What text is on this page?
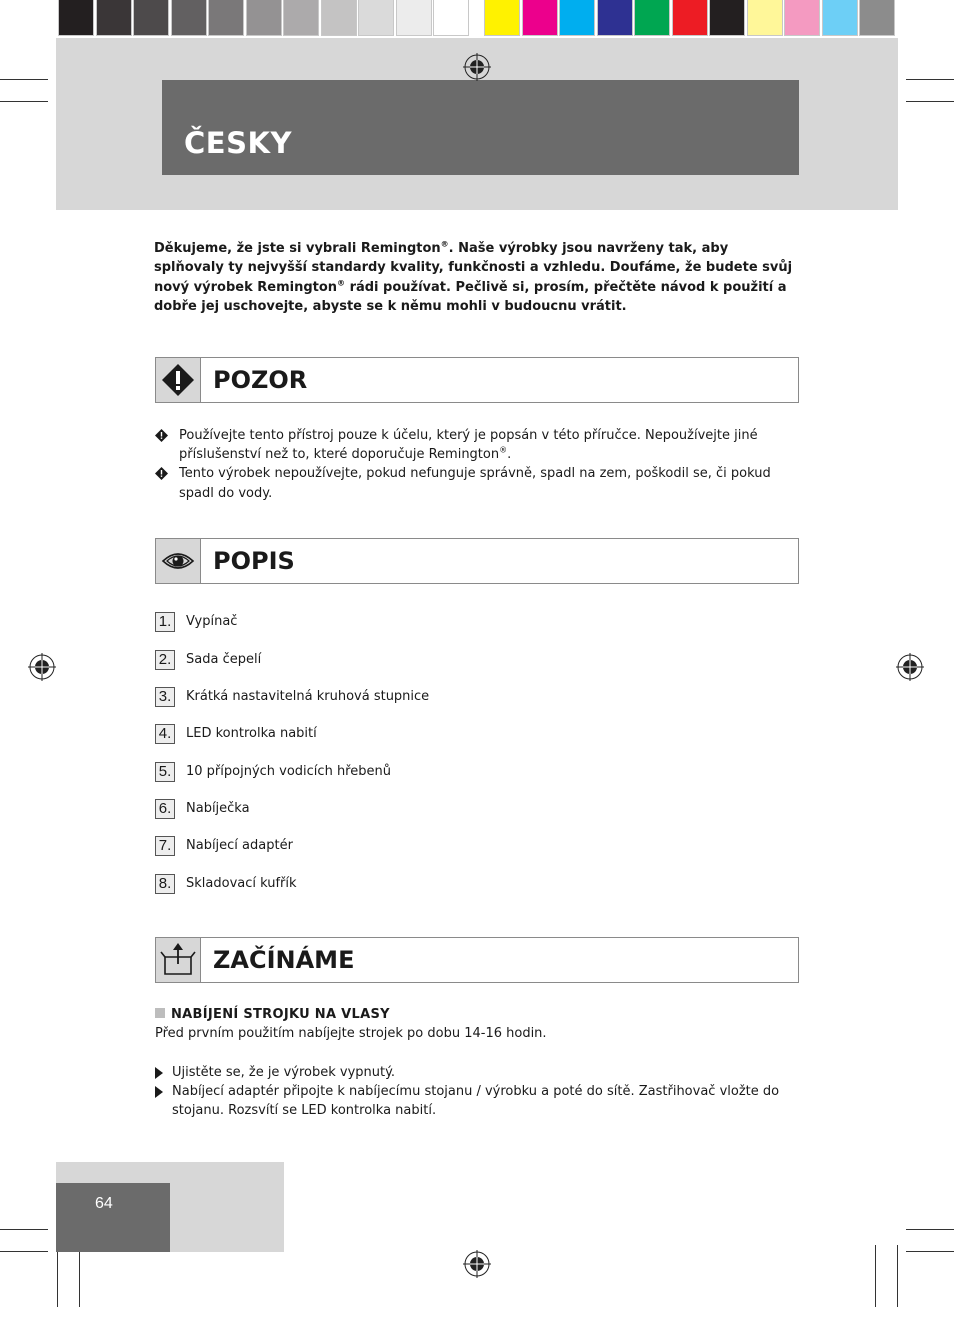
ČESKY
Děkujeme, že jste si vybrali Remington®. Naše výrobky jsou navrženy tak, aby splňovaly ty nejvyšší standardy kvality, funkčnosti a vzhledu. Doufáme, že budete svůj nový výrobek Remington® rádi používat. Pečlivě si, prosím, přečtěte návod k použití a dobře jej uschovejte, abyste se k němu mohli v budoucnu vrátit.
POZOR
Používejte tento přístroj pouze k účelu, který je popsán v této příručce. Nepoužívejte jiné příslušenství než to, které doporučuje Remington®.
Tento výrobek nepoužívejte, pokud nefunguje správně, spadl na zem, poškodil se, či pokud spadl do vody.
POPIS
1. Vypínač
2. Sada čepelí
3. Krátká nastavitelná kruhová stupnice
4. LED kontrolka nabití
5. 10 přípojných vodicích hřebenů
6. Nabíječka
7. Nabíjecí adaptér
8. Skladovací kufřík
ZAČÍNÁME
NABÍJENÍ STROJKU NA VLASY
Před prvním použitím nabíjejte strojek po dobu 14-16 hodin.
Ujistěte se, že je výrobek vypnutý.
Nabíjecí adaptér připojte k nabíjecímu stojanu / výrobku a poté do sítě. Zastřihovač vložte do stojanu. Rozsvítí se LED kontrolka nabití.
64
